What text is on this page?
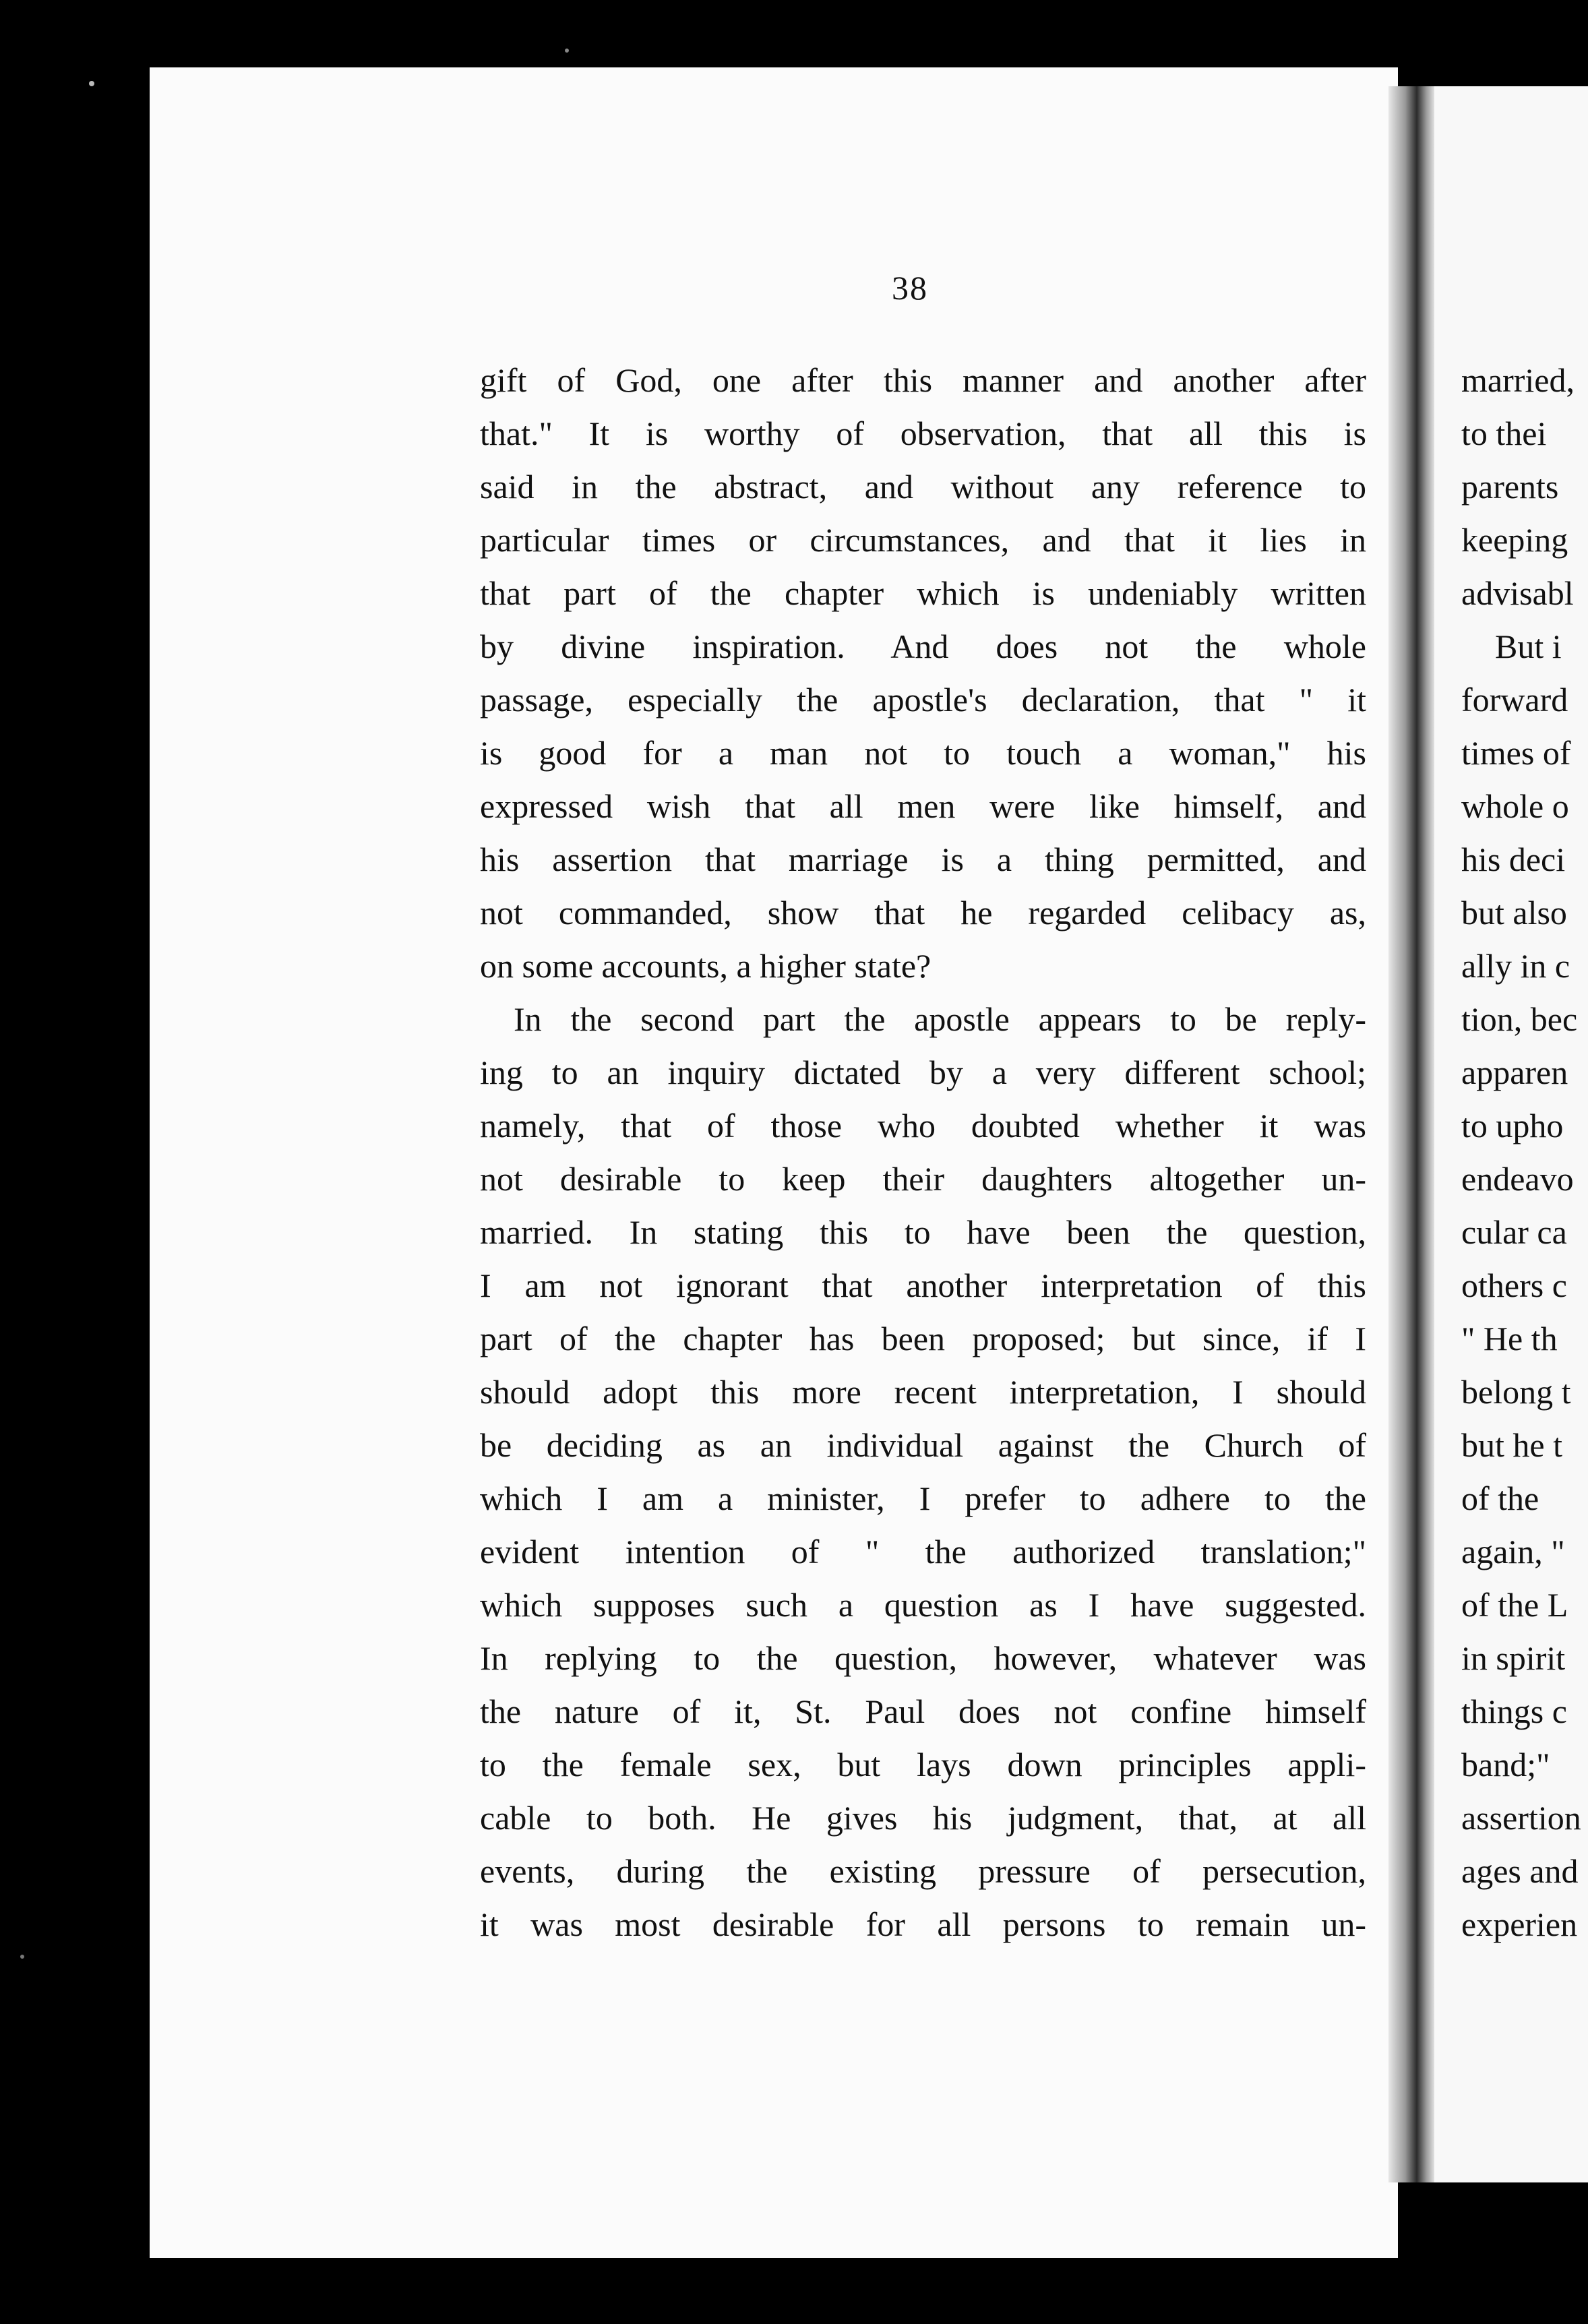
38
gift of God, one after this manner and another after
that." It is worthy of observation, that all this is
said in the abstract, and without any reference to
particular times or circumstances, and that it lies in
that part of the chapter which is undeniably written
by divine inspiration. And does not the whole
passage, especially the apostle's declaration, that " it
is good for a man not to touch a woman," his
expressed wish that all men were like himself, and
his assertion that marriage is a thing permitted, and
not commanded, show that he regarded celibacy as,
on some accounts, a higher state?
In the second part the apostle appears to be reply-
ing to an inquiry dictated by a very different school;
namely, that of those who doubted whether it was
not desirable to keep their daughters altogether un-
married. In stating this to have been the question,
I am not ignorant that another interpretation of this
part of the chapter has been proposed; but since, if I
should adopt this more recent interpretation, I should
be deciding as an individual against the Church of
which I am a minister, I prefer to adhere to the
evident intention of " the authorized translation;"
which supposes such a question as I have suggested.
In replying to the question, however, whatever was
the nature of it, St. Paul does not confine himself
to the female sex, but lays down principles appli-
cable to both. He gives his judgment, that, at all
events, during the existing pressure of persecution,
it was most desirable for all persons to remain un-
married,
to thei
parents
keeping
advisabl
But i
forward
times of
whole o
his deci
but also
ally in c
tion, bec
apparen
to upho
endeavo
cular ca
others c
" He th
belong t
but he t
of the
again, "
of the L
in spirit
things c
band;"
assertion
ages and
experien
